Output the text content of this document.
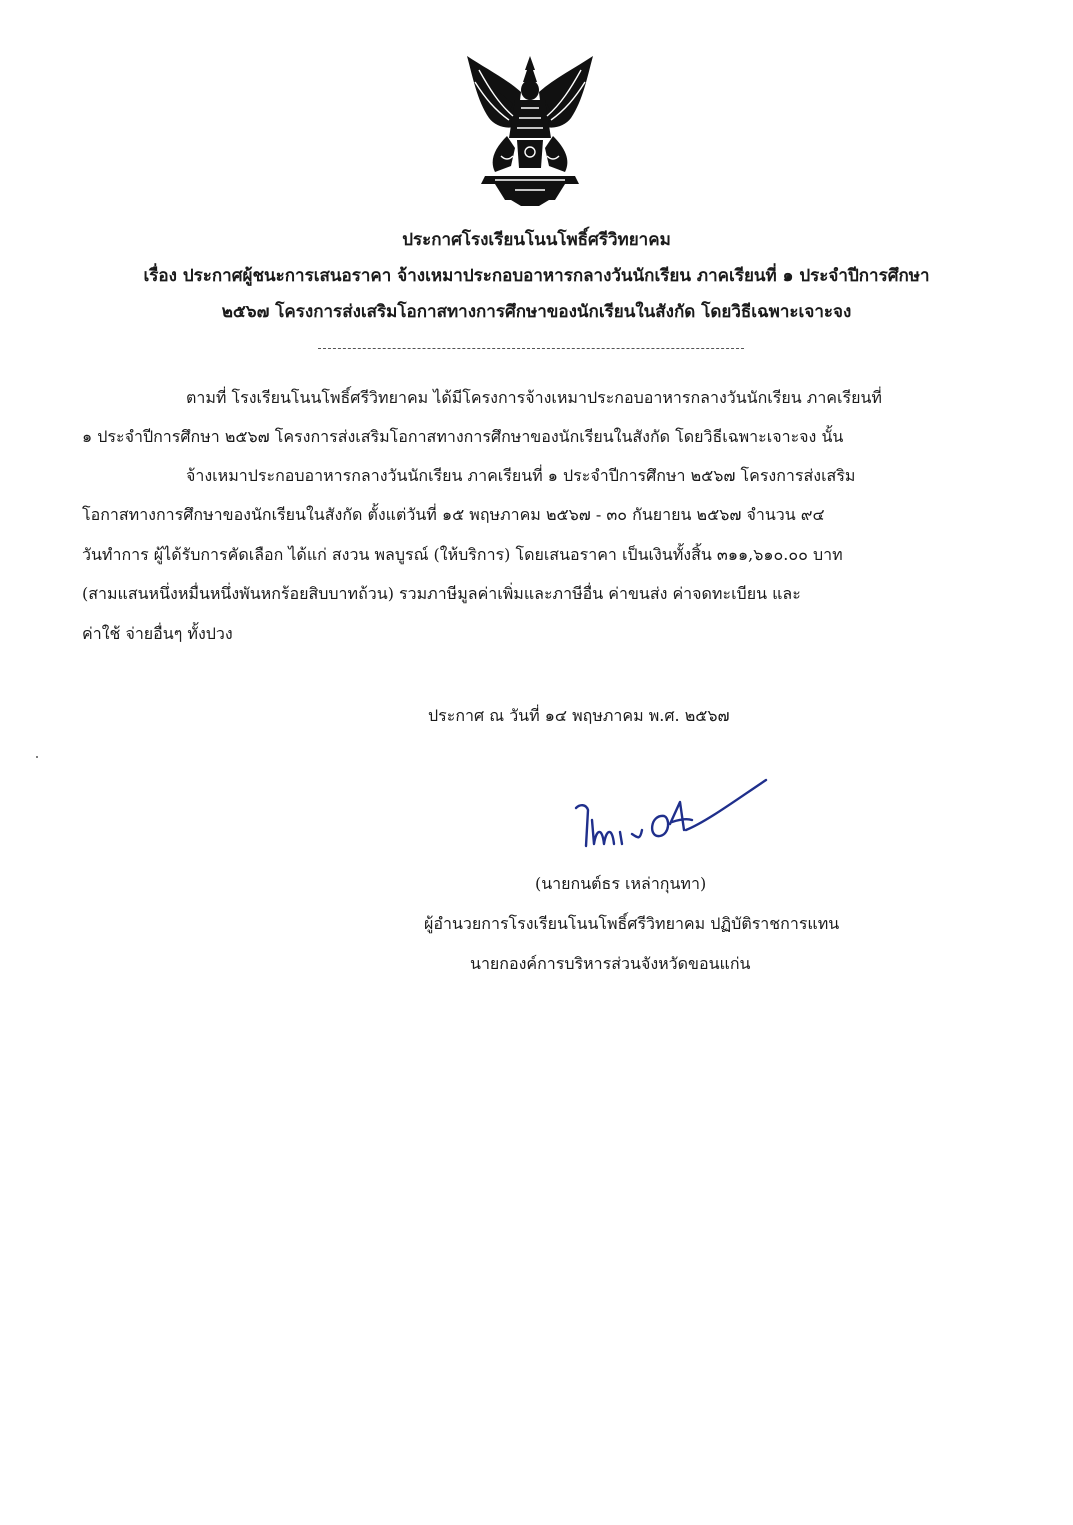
ประกาศโรงเรียนโนนโพธิ์ศรีวิทยาคม
เรื่อง ประกาศผู้ชนะการเสนอราคา จ้างเหมาประกอบอาหารกลางวันนักเรียน ภาคเรียนที่ ๑ ประจำปีการศึกษา
๒๕๖๗ โครงการส่งเสริมโอกาสทางการศึกษาของนักเรียนในสังกัด โดยวิธีเฉพาะเจาะจง
ตามที่ โรงเรียนโนนโพธิ์ศรีวิทยาคม ได้มีโครงการจ้างเหมาประกอบอาหารกลางวันนักเรียน ภาคเรียนที่
๑ ประจำปีการศึกษา ๒๕๖๗ โครงการส่งเสริมโอกาสทางการศึกษาของนักเรียนในสังกัด โดยวิธีเฉพาะเจาะจง นั้น
จ้างเหมาประกอบอาหารกลางวันนักเรียน ภาคเรียนที่ ๑ ประจำปีการศึกษา ๒๕๖๗ โครงการส่งเสริม
โอกาสทางการศึกษาของนักเรียนในสังกัด ตั้งแต่วันที่ ๑๕ พฤษภาคม ๒๕๖๗ - ๓๐ กันยายน ๒๕๖๗ จำนวน ๙๔
วันทำการ ผู้ได้รับการคัดเลือก ได้แก่ สงวน พลบูรณ์ (ให้บริการ) โดยเสนอราคา เป็นเงินทั้งสิ้น ๓๑๑,๖๑๐.๐๐ บาท
(สามแสนหนึ่งหมื่นหนึ่งพันหกร้อยสิบบาทถ้วน) รวมภาษีมูลค่าเพิ่มและภาษีอื่น ค่าขนส่ง ค่าจดทะเบียน และ
ค่าใช้ จ่ายอื่นๆ ทั้งปวง
ประกาศ ณ วันที่ ๑๔ พฤษภาคม พ.ศ. ๒๕๖๗
(นายกนต์ธร เหล่ากุนทา)
ผู้อำนวยการโรงเรียนโนนโพธิ์ศรีวิทยาคม ปฏิบัติราชการแทน
นายกองค์การบริหารส่วนจังหวัดขอนแก่น
